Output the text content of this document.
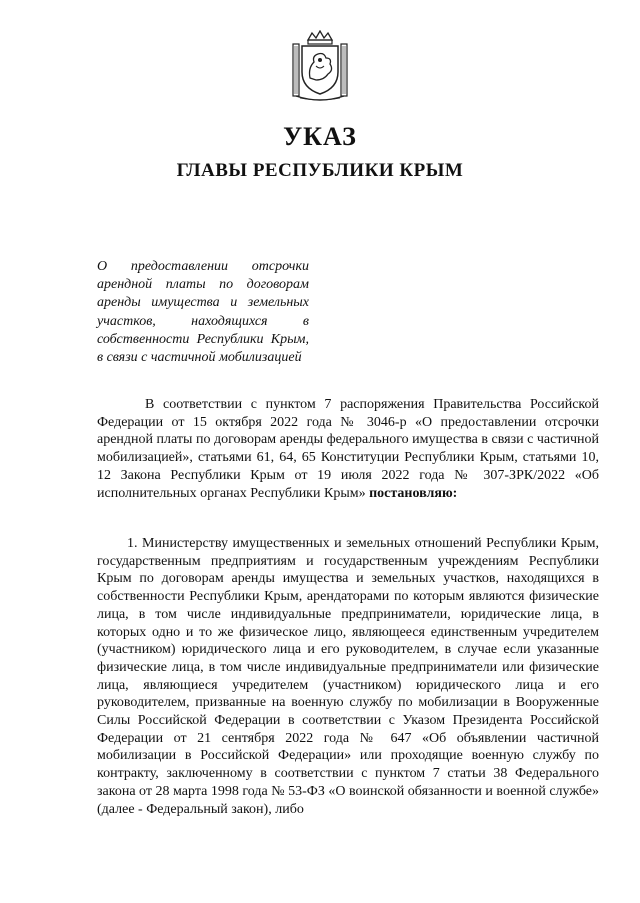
УКАЗ
ГЛАВЫ РЕСПУБЛИКИ КРЫМ

О предоставлении отсрочки арендной платы по договорам аренды имущества и земельных участков, находящихся в собственности Республики Крым, в связи с частичной мобилизацией

В соответствии с пунктом 7 распоряжения Правительства Российской Федерации от 15 октября 2022 года № 3046-р «О предоставлении отсрочки арендной платы по договорам аренды федерального имущества в связи с частичной мобилизацией», статьями 61, 64, 65 Конституции Республики Крым, статьями 10, 12 Закона Республики Крым от 19 июля 2022 года № 307-ЗРК/2022 «Об исполнительных органах Республики Крым» постановляю:

1. Министерству имущественных и земельных отношений Республики Крым, государственным предприятиям и государственным учреждениям Республики Крым по договорам аренды имущества и земельных участков, находящихся в собственности Республики Крым, арендаторами по которым являются физические лица, в том числе индивидуальные предприниматели, юридические лица, в которых одно и то же физическое лицо, являющееся единственным учредителем (участником) юридического лица и его руководителем, в случае если указанные физические лица, в том числе индивидуальные предприниматели или физические лица, являющиеся учредителем (участником) юридического лица и его руководителем, призванные на военную службу по мобилизации в Вооруженные Силы Российской Федерации в соответствии с Указом Президента Российской Федерации от 21 сентября 2022 года № 647 «Об объявлении частичной мобилизации в Российской Федерации» или проходящие военную службу по контракту, заключенному в соответствии с пунктом 7 статьи 38 Федерального закона от 28 марта 1998 года № 53-ФЗ «О воинской обязанности и военной службе» (далее - Федеральный закон), либо
